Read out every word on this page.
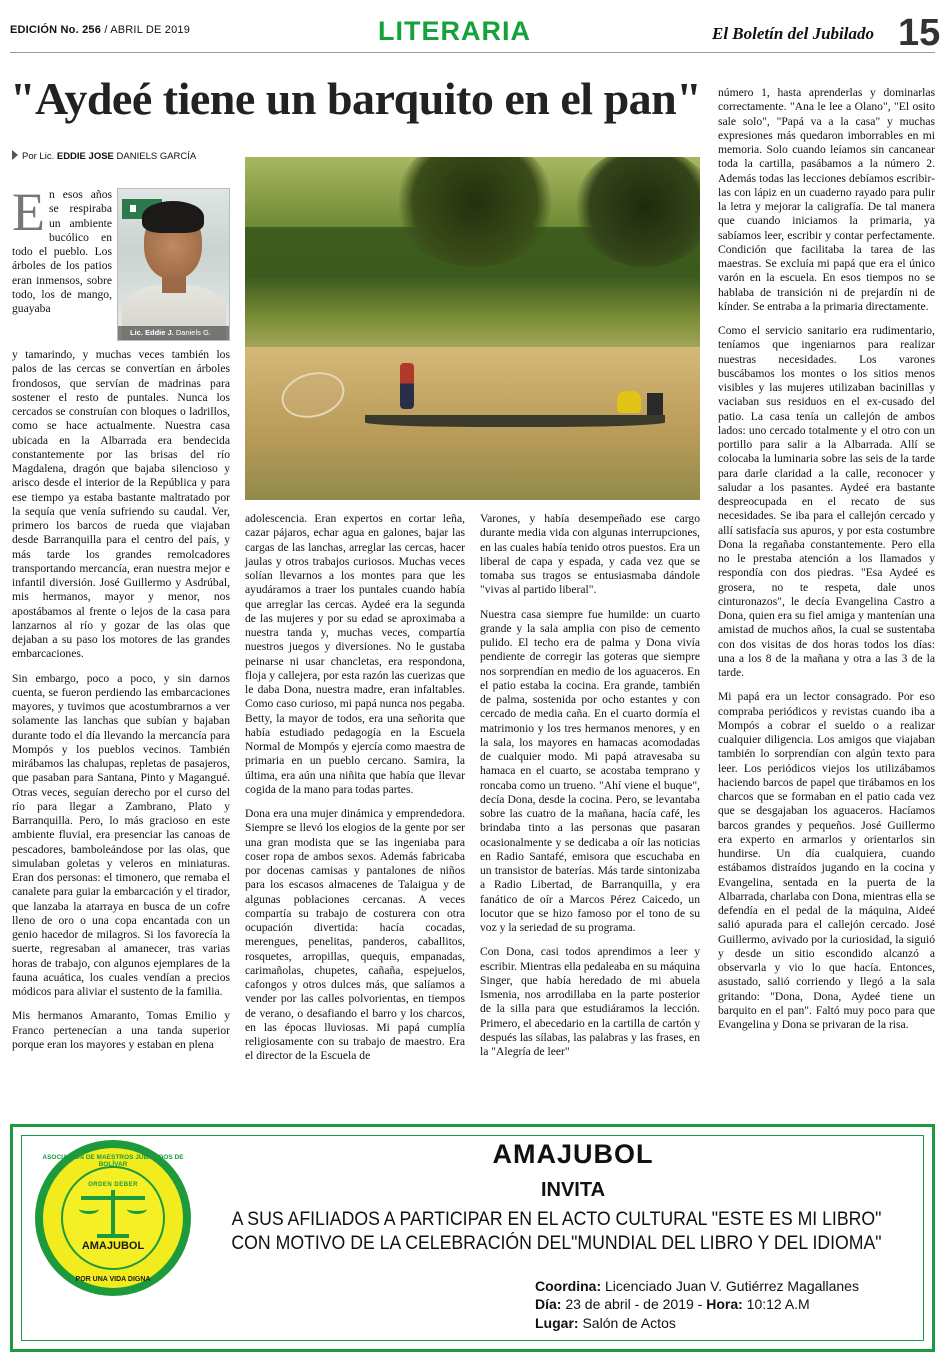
EDICIÓN No. 256 / ABRIL DE 2019	LITERARIA	El Boletín del Jubilado 15
"Aydeé tiene un barquito en el pan"
Por Lic. EDDIE JOSE DANIELS GARCÍA
Lic. Eddie J. Daniels G.

En esos años se respiraba un ambiente bucólico en todo el pueblo. Los árboles de los patios eran inmensos, sobre todo, los de mango, guayaba

y tamarindo, y muchas veces también los palos de las cercas se convertían en árboles frondosos, que servían de madrinas para sostener el resto de puntales. Nunca los cercados se construían con bloques o ladrillos, como se hace actualmente. Nuestra casa ubicada en la Albarrada era bendecida constantemente por las brisas del río Magdalena, dragón que bajaba silencioso y arisco desde el interior de la República y para ese tiempo ya estaba bastante maltratado por la sequía que venía sufriendo su caudal. Ver, primero los barcos de rueda que viajaban desde Barranquilla para el centro del país, y más tarde los grandes remolcadores transportando mercancía, eran nuestra mejor e infantil diversión. José Guillermo y Asdrúbal, mis hermanos, mayor y menor, nos apostábamos al frente o lejos de la casa para lanzarnos al río y gozar de las olas que dejaban a su paso los motores de las grandes embarcaciones.

Sin embargo, poco a poco, y sin darnos cuenta, se fueron perdiendo las embarcaciones mayores, y tuvimos que acostumbrarnos a ver solamente las lanchas que subían y bajaban durante todo el día llevando la mercancía para Mompós y los pueblos vecinos. También mirábamos las chalupas, repletas de pasajeros, que pasaban para Santana, Pinto y Magangué. Otras veces, seguían derecho por el curso del río para llegar a Zambrano, Plato y Barranquilla. Pero, lo más gracioso en este ambiente fluvial, era presenciar las canoas de pescadores, bamboleándose por las olas, que simulaban goletas y veleros en miniaturas. Eran dos personas: el timonero, que remaba el canalete para guiar la embarcación y el tirador, que lanzaba la atarraya en busca de un cofre lleno de oro o una copa encantada con un genio hacedor de milagros. Si los favorecía la suerte, regresaban al amanecer, tras varias horas de trabajo, con algunos ejemplares de la fauna acuática, los cuales vendían a precios módicos para aliviar el sustento de la familia.

Mis hermanos Amaranto, Tomas Emilio y Franco pertenecían a una tanda superior porque eran los mayores y estaban en plena

adolescencia. Eran expertos en cortar leña, cazar pájaros, echar agua en galones, bajar las cargas de las lanchas, arreglar las cercas, hacer jaulas y otros trabajos curiosos. Muchas veces solían llevarnos a los montes para que les ayudáramos a traer los puntales cuando había que arreglar las cercas. Aydeé era la segunda de las mujeres y por su edad se aproximaba a nuestra tanda y, muchas veces, compartía nuestros juegos y diversiones. No le gustaba peinarse ni usar chancletas, era respondona, floja y callejera, por esta razón las cuerizas que le daba Dona, nuestra madre, eran infaltables. Como caso curioso, mi papá nunca nos pegaba. Betty, la mayor de todos, era una señorita que había estudiado pedagogía en la Escuela Normal de Mompós y ejercía como maestra de primaria en un pueblo cercano. Samira, la última, era aún una niñita que había que llevar cogida de la mano para todas partes.

Dona era una mujer dinámica y emprendedora. Siempre se llevó los elogios de la gente por ser una gran modista que se las ingeniaba para coser ropa de ambos sexos. Además fabricaba por docenas camisas y pantalones de niños para los escasos almacenes de Talaigua y de algunas poblaciones cercanas. A veces compartía su trabajo de costurera con otra ocupación divertida: hacía cocadas, merengues, penelitas, panderos, caballitos, rosquetes, arropillas, quequis, empanadas, carimañolas, chupetes, cañaña, espejuelos, cafongos y otros dulces más, que salíamos a vender por las calles polvorientas, en tiempos de verano, o desafiando el barro y los charcos, en las épocas lluviosas. Mi papá cumplía religiosamente con su trabajo de maestro. Era el director de la Escuela de

Varones, y había desempeñado ese cargo durante media vida con algunas interrupciones, en las cuales había tenido otros puestos. Era un liberal de capa y espada, y cada vez que se tomaba sus tragos se entusiasmaba dándole "vivas al partido liberal".

Nuestra casa siempre fue humilde: un cuarto grande y la sala amplia con piso de cemento pulido. El techo era de palma y Dona vivía pendiente de corregir las goteras que siempre nos sorprendían en medio de los aguaceros. En el patio estaba la cocina. Era grande, también de palma, sostenida por ocho estantes y con cercado de media caña. En el cuarto dormía el matrimonio y los tres hermanos menores, y en la sala, los mayores en hamacas acomodadas de cualquier modo. Mi papá atravesaba su hamaca en el cuarto, se acostaba temprano y roncaba como un trueno. "Ahí viene el buque", decía Dona, desde la cocina. Pero, se levantaba sobre las cuatro de la mañana, hacía café, les brindaba tinto a las personas que pasaran ocasionalmente y se dedicaba a oír las noticias en Radio Santafé, emisora que escuchaba en un transistor de baterías. Más tarde sintonizaba a Radio Libertad, de Barranquilla, y era fanático de oír a Marcos Pérez Caicedo, un locutor que se hizo famoso por el tono de su voz y la seriedad de su programa.

Con Dona, casi todos aprendimos a leer y escribir. Mientras ella pedaleaba en su máquina Singer, que había heredado de mi abuela Ismenia, nos arrodillaba en la parte posterior de la silla para que estudiáramos la lección. Primero, el abecedario en la cartilla de cartón y después las sílabas, las palabras y las frases, en la "Alegría de leer"

número 1, hasta aprenderlas y dominarlas correctamente. "Ana le lee a Olano", "El osito sale solo", "Papá va a la casa" y muchas expresiones más quedaron imborrables en mi memoria. Solo cuando leíamos sin cancanear toda la cartilla, pasábamos a la número 2. Además todas las lecciones debíamos escribir-las con lápiz en un cuaderno rayado para pulir la letra y mejorar la caligrafía. De tal manera que cuando iniciamos la primaria, ya sabíamos leer, escribir y contar perfectamente. Condición que facilitaba la tarea de las maestras. Se excluía mi papá que era el único varón en la escuela. En esos tiempos no se hablaba de transición ni de prejardín ni de kínder. Se entraba a la primaria directamente.

Como el servicio sanitario era rudimentario, teníamos que ingeniarnos para realizar nuestras necesidades. Los varones buscábamos los montes o los sitios menos visibles y las mujeres utilizaban bacinillas y vaciaban sus residuos en el ex-cusado del patio. La casa tenía un callejón de ambos lados: uno cercado totalmente y el otro con un portillo para salir a la Albarrada. Allí se colocaba la luminaria sobre las seis de la tarde para darle claridad a la calle, reconocer y saludar a los pasantes. Aydeé era bastante despreocupada en el recato de sus necesidades. Se iba para el callejón cercado y allí satisfacía sus apuros, y por esta costumbre Dona la regañaba constantemente. Pero ella no le prestaba atención a los llamados y respondía con dos piedras. "Esa Aydeé es grosera, no te respeta, dale unos cinturonazos", le decía Evangelina Castro a Dona, quien era su fiel amiga y mantenían una amistad de muchos años, la cual se sustentaba con dos visitas de dos horas todos los días: una a los 8 de la mañana y otra a las 3 de la tarde.

Mi papá era un lector consagrado. Por eso compraba periódicos y revistas cuando iba a Mompós a cobrar el sueldo o a realizar cualquier diligencia. Los amigos que viajaban también lo sorprendían con algún texto para leer. Los periódicos viejos los utilizábamos haciendo barcos de papel que tirábamos en los charcos que se formaban en el patio cada vez que se desgajaban los aguaceros. Hacíamos barcos grandes y pequeños. José Guillermo era experto en armarlos y orientarlos sin hundirse. Un día cualquiera, cuando estábamos distraídos jugando en la cocina y Evangelina, sentada en la puerta de la Albarrada, charlaba con Dona, mientras ella se defendía en el pedal de la máquina, Aideé salió apurada para el callejón cercado. José Guillermo, avivado por la curiosidad, la siguió y desde un sitio escondido alcanzó a observarla y vio lo que hacía. Entonces, asustado, salió corriendo y llegó a la sala gritando: "Dona, Dona, Aydeé tiene un barquito en el pan". Faltó muy poco para que Evangelina y Dona se privaran de la risa.

ASOCIACIÓN DE MAESTROS JUBILADOS DE BOLÍVAR
ORDEN DEBER
AMAJUBOL
POR UNA VIDA DIGNA
AMAJUBOL
INVITA
A SUS AFILIADOS A PARTICIPAR EN EL ACTO CULTURAL "ESTE ES MI LIBRO"
CON MOTIVO DE LA CELEBRACIÓN DEL"MUNDIAL DEL LIBRO Y DEL IDIOMA"
Coordina: Licenciado Juan V. Gutiérrez Magallanes
Día: 23 de abril - de 2019 - Hora: 10:12 A.M
Lugar: Salón de Actos
